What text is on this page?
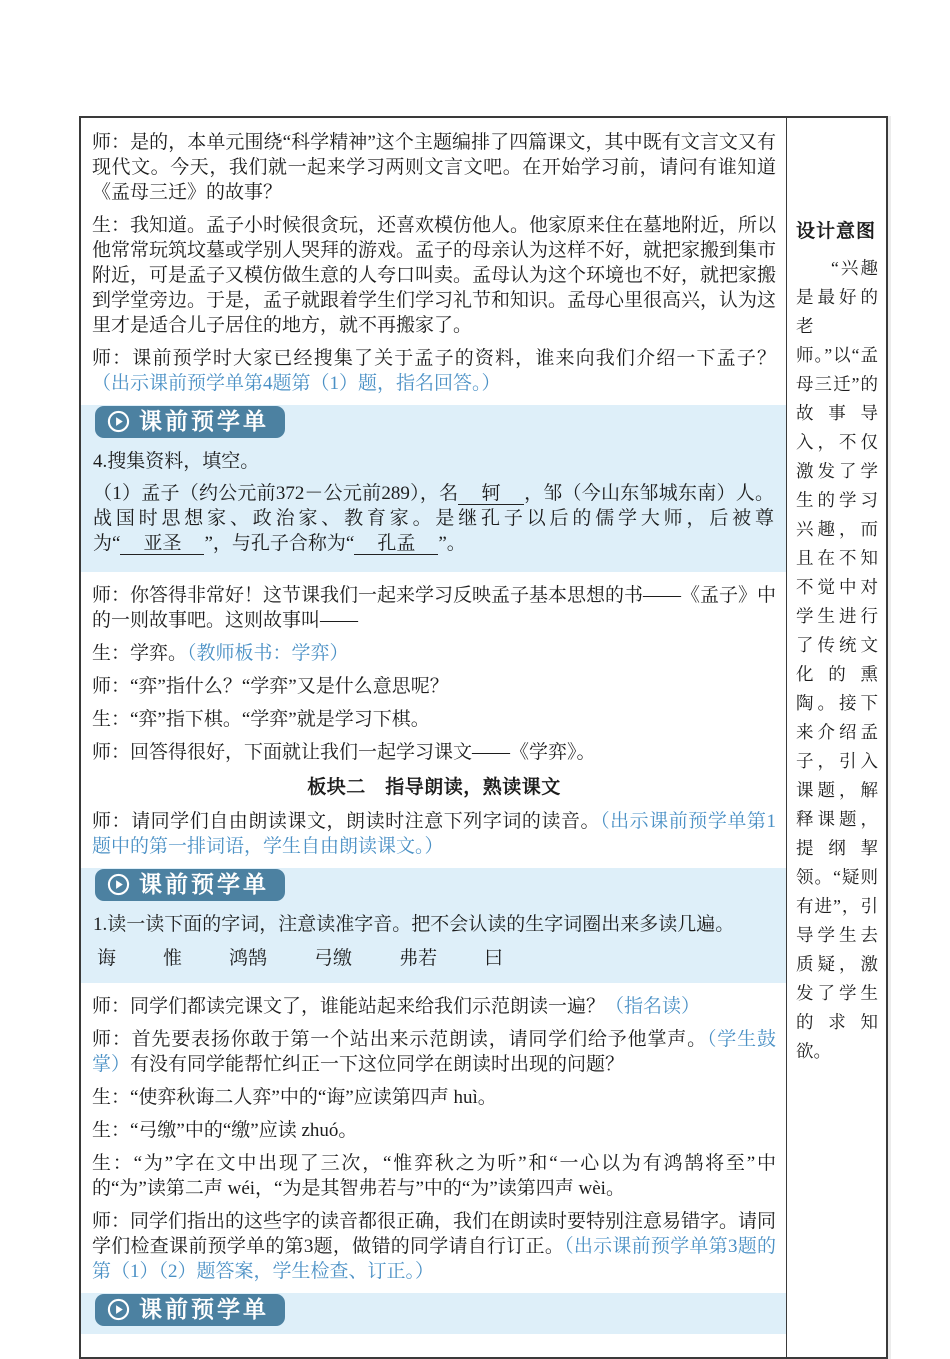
师：是的，本单元围绕“科学精神”这个主题编排了四篇课文，其中既有文言文又有现代文。今天，我们就一起来学习两则文言文吧。在开始学习前，请问有谁知道《孟母三迁》的故事？

生：我知道。孟子小时候很贪玩，还喜欢模仿他人。他家原来住在墓地附近，所以他常常玩筑坟墓或学别人哭拜的游戏。孟子的母亲认为这样不好，就把家搬到集市附近，可是孟子又模仿做生意的人夸口叫卖。孟母认为这个环境也不好，就把家搬到学堂旁边。于是，孟子就跟着学生们学习礼节和知识。孟母心里很高兴，认为这里才是适合儿子居住的地方，就不再搬家了。

师：课前预学时大家已经搜集了关于孟子的资料，谁来向我们介绍一下孟子？（出示课前预学单第4题第（1）题，指名回答。）

课前预学单

4.搜集资料，填空。

（1）孟子（约公元前372－公元前289），名　轲　，邹（今山东邹城东南）人。战国时思想家、政治家、教育家。是继孔子以后的儒学大师，后被尊为“　亚圣　”，与孔子合称为“　孔孟　”。

师：你答得非常好！这节课我们一起来学习反映孟子基本思想的书——《孟子》中的一则故事吧。这则故事叫——

生：学弈。（教师板书：学弈）

师：“弈”指什么？“学弈”又是什么意思呢？

生：“弈”指下棋。“学弈”就是学习下棋。

师：回答得很好，下面就让我们一起学习课文——《学弈》。

板块二　指导朗读，熟读课文

师：请同学们自由朗读课文，朗读时注意下列字词的读音。（出示课前预学单第1题中的第一排词语，学生自由朗读课文。）

课前预学单

1.读一读下面的字词，注意读准字音。把不会认读的生字词圈出来多读几遍。

诲 惟 鸿鹄 弓缴 弗若 曰

师：同学们都读完课文了，谁能站起来给我们示范朗读一遍？（指名读）

师：首先要表扬你敢于第一个站出来示范朗读，请同学们给予他掌声。（学生鼓掌）有没有同学能帮忙纠正一下这位同学在朗读时出现的问题？

生：“使弈秋诲二人弈”中的“诲”应读第四声 huì。

生：“弓缴”中的“缴”应读 zhuó。

生：“为”字在文中出现了三次，“惟弈秋之为听”和“一心以为有鸿鹄将至”中的“为”读第二声 wéi，“为是其智弗若与”中的“为”读第四声 wèi。

师：同学们指出的这些字的读音都很正确，我们在朗读时要特别注意易错字。请同学们检查课前预学单的第3题，做错的同学请自行订正。（出示课前预学单第3题的第（1）（2）题答案，学生检查、订正。）

课前预学单

设计意图

“兴趣是最好的老师。”以“孟母三迁”的故事导入，不仅激发了学生的学习兴趣，而且在不知不觉中对学生进行了传统文化的熏陶。接下来介绍孟子，引入课题，解释课题，提纲挈领。“疑则有进”，引导学生去质疑，激发了学生的求知欲。
